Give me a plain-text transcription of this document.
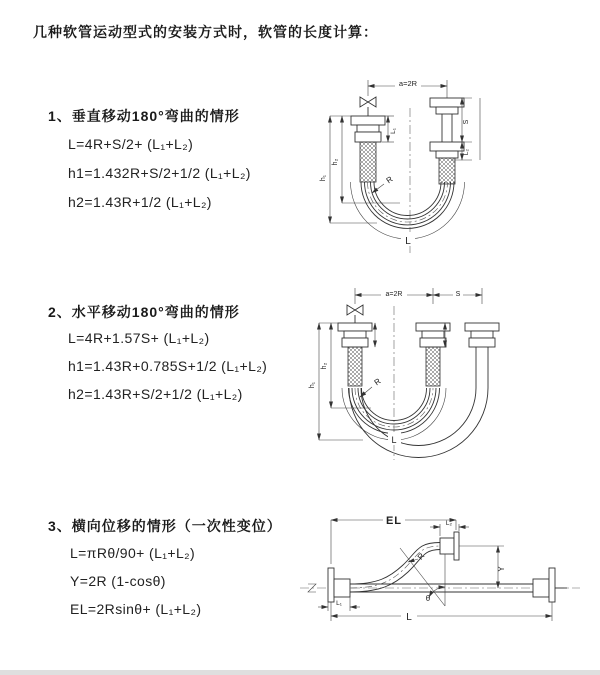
几种软管运动型式的安装方式时，软管的长度计算：
1、垂直移动180°弯曲的情形
L=4R+S/2+ (L₁+L₂)
h1=1.432R+S/2+1/2 (L₁+L₂)
h2=1.43R+1/2 (L₁+L₂)
2、水平移动180°弯曲的情形
L=4R+1.57S+ (L₁+L₂)
h1=1.43R+0.785S+1/2 (L₁+L₂)
h2=1.43R+S/2+1/2 (L₁+L₂)
3、横向位移的情形（一次性变位）
L=πRθ/90+ (L₁+L₂)
Y=2R (1-cosθ)
EL=2Rsinθ+ (L₁+L₂)
a=2R
L
h₁
h₂
L₁
S
L₂
R
a=2R	S
L
h₁
h₂
R
EL	L₂
Y
L
L₁
R
θ
